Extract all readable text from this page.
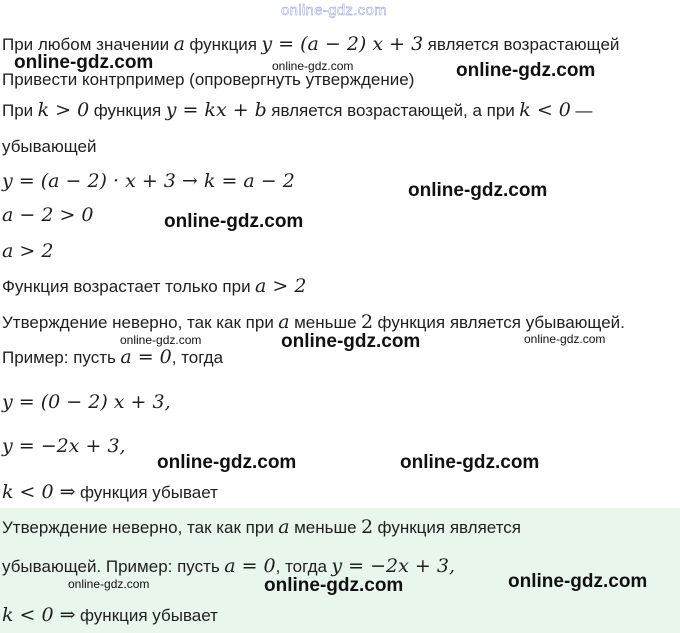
online-gdz.com
При любом значении a функция y = (a − 2) x + 3 является возрастающей
online-gdz.com	online-gdz.com
Привести контрпример (опровергнуть утверждение) online-gdz.com
При k > 0 функция y = kx + b является возрастающей, а при k < 0 —
убывающей
y = (a − 2) · x + 3 → k = a − 2	online-gdz.com
a − 2 > 0	online-gdz.com
a > 2
Функция возрастает только при a > 2
Утверждение неверно, так как при a меньше 2 функция является убывающей.
online-gdz.com	online-gdz.com	online-gdz.com
Пример: пусть a = 0, тогда
y = (0 − 2) x + 3,
y = −2x + 3,
online-gdz.com	online-gdz.com
k < 0 ⇒ функция убывает
Утверждение неверно, так как при a меньше 2 функция является
убывающей. Пример: пусть a = 0, тогда y = −2x + 3,
online-gdz.com	online-gdz.com	online-gdz.com
k < 0 ⇒ функция убывает
